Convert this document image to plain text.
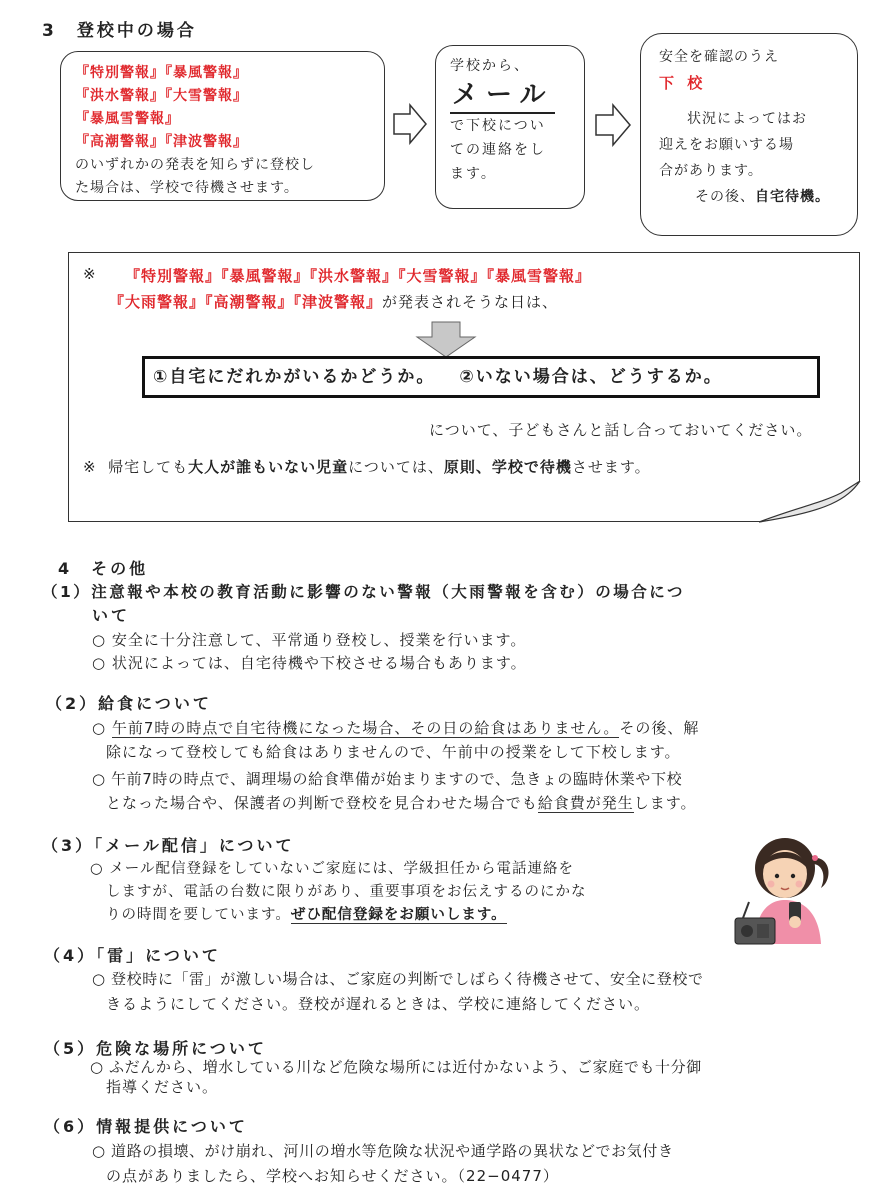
3　登校中の場合
『特別警報』『暴風警報』
『洪水警報』『大雪警報』
『暴風雪警報』
『高潮警報』『津波警報』
のいずれかの発表を知らずに登校し
た場合は、学校で待機させます。
学校から、
メール
で下校につい
ての連絡をし
ます。
安全を確認のうえ
下 校
状況によってはお
迎えをお願いする場
合があります。
その後、自宅待機。
※ 『特別警報』『暴風警報』『洪水警報』『大雪警報』『暴風雪警報』
『大雨警報』『高潮警報』『津波警報』が発表されそうな日は、
について、子どもさんと話し合っておいてください。
※ 帰宅しても大人が誰もいない児童については、原則、学校で待機させます。
①自宅にだれかがいるかどうか。 ②いない場合は、どうするか。
4　その他
（1）注意報や本校の教育活動に影響のない警報（大雨警報を含む）の場合につ
いて
○ 安全に十分注意して、平常通り登校し、授業を行います。
○ 状況によっては、自宅待機や下校させる場合もあります。
（2）給食について
○ 午前7時の時点で自宅待機になった場合、その日の給食はありません。その後、解
除になって登校しても給食はありませんので、午前中の授業をして下校します。
○ 午前7時の時点で、調理場の給食準備が始まりますので、急きょの臨時休業や下校
となった場合や、保護者の判断で登校を見合わせた場合でも給食費が発生します。
（3）「メール配信」について
○ メール配信登録をしていないご家庭には、学級担任から電話連絡を
しますが、電話の台数に限りがあり、重要事項をお伝えするのにかな
りの時間を要しています。ぜひ配信登録をお願いします。
（4）「雷」について
○ 登校時に「雷」が激しい場合は、ご家庭の判断でしばらく待機させて、安全に登校で
きるようにしてください。登校が遅れるときは、学校に連絡してください。
（5）危険な場所について
○ ふだんから、増水している川など危険な場所には近付かないよう、ご家庭でも十分御
指導ください。
（6）情報提供について
○ 道路の損壊、がけ崩れ、河川の増水等危険な状況や通学路の異状などでお気付き
の点がありましたら、学校へお知らせください。（22−0477）
